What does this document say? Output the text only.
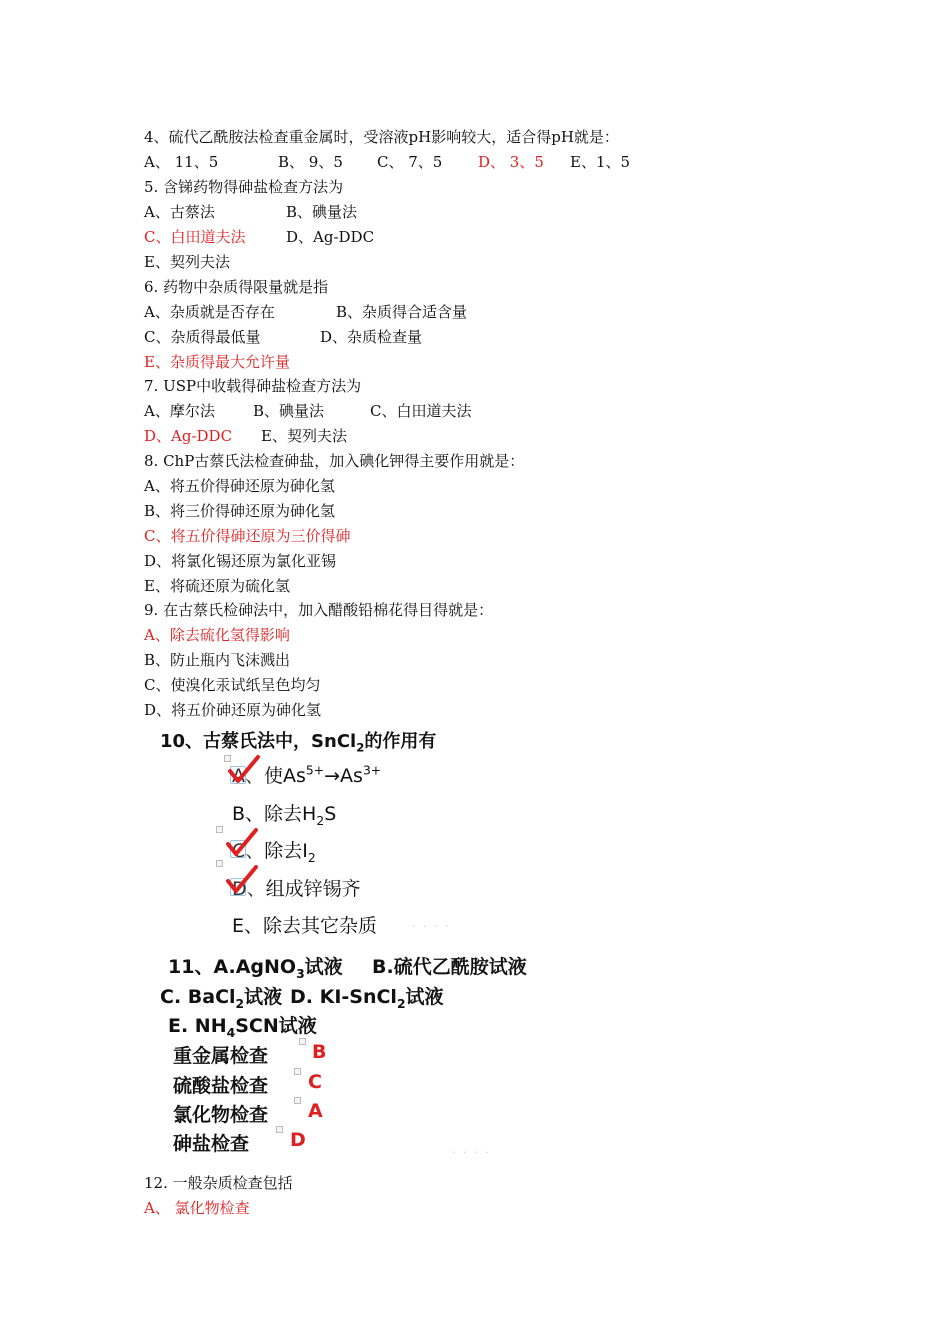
4、硫代乙酰胺法检查重金属时，受溶液pH影响较大，适合得pH就是：
A、 11、5	B、 9、5 C、 7、5 D、 3、5 E、1、5
5. 含锑药物得砷盐检查方法为
A、古蔡法	B、碘量法
C、白田道夫法	D、Ag-DDC
E、契列夫法
6. 药物中杂质得限量就是指
A、杂质就是否存在	B、杂质得合适含量
C、杂质得最低量	D、杂质检查量
E、杂质得最大允许量
7. USP中收载得砷盐检查方法为
A、摩尔法	B、碘量法	C、白田道夫法
D、Ag-DDC E、契列夫法
8. ChP古蔡氏法检查砷盐，加入碘化钾得主要作用就是：
A、将五价得砷还原为砷化氢
B、将三价得砷还原为砷化氢
C、将五价得砷还原为三价得砷
D、将氯化锡还原为氯化亚锡
E、将硫还原为硫化氢
9. 在古蔡氏检砷法中，加入醋酸铅棉花得目得就是：
A、除去硫化氢得影响
B、防止瓶内飞沫溅出
C、使溴化汞试纸呈色均匀
D、将五价砷还原为砷化氢
10、古蔡氏法中，SnCl$_2$的作用有
A、使$As^{5+}\to As^{3+}$
B、除去$H_2S$
C、除去$I_2$
D、组成锌锡齐
E、除去其它杂质	· · · ·
11、A.AgNO$_3$试液 B.硫代乙酰胺试液
C. BaCl$_2$试液 D. KI-SnCl$_2$试液
E. $NH_4SCN$试液
重金属检查 B
硫酸盐检查 C
氯化物检查 A
砷盐检查 D
· · · ·
12. 一般杂质检查包括
A、 氯化物检查
